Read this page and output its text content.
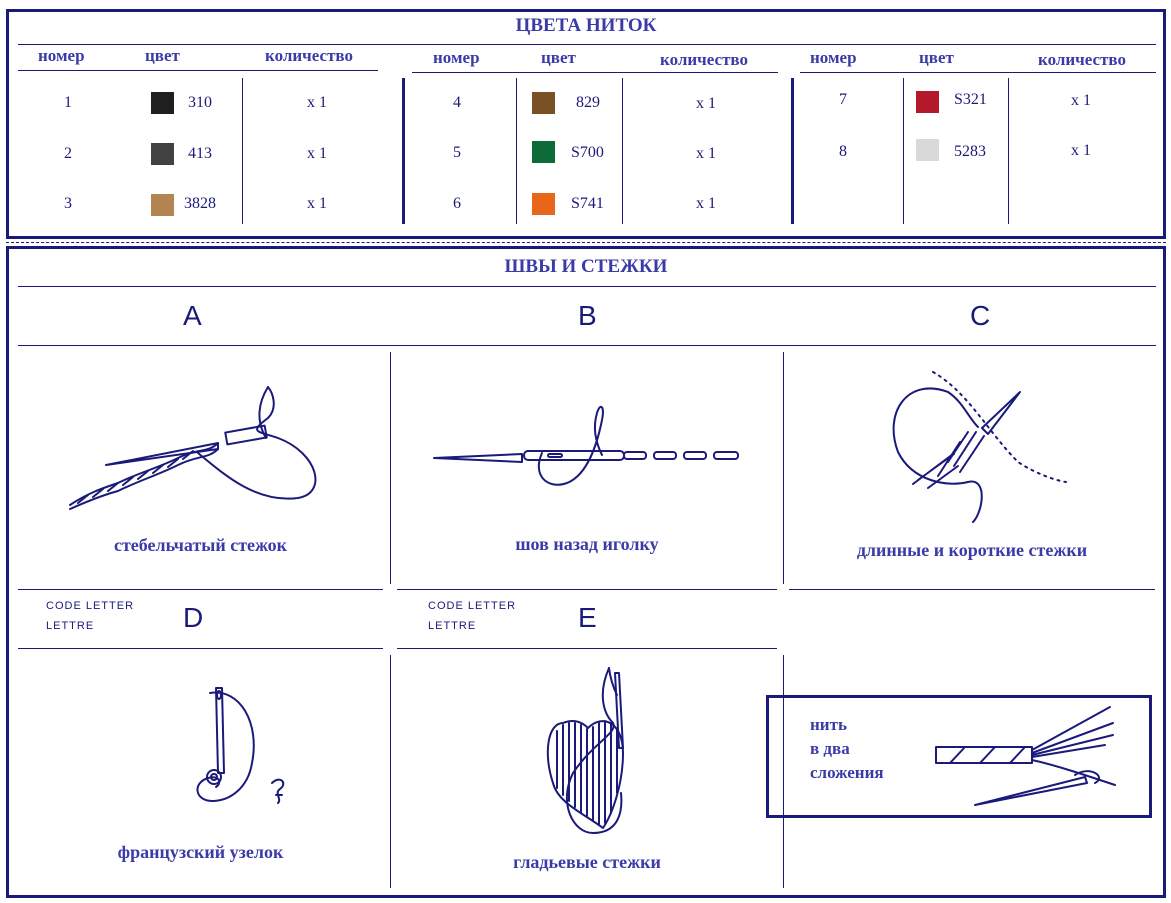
ЦВЕТА НИТОК
номер	цвет	количество	номер	цвет	количество	номер	цвет	количество
1	310	x 1
2	413	x 1
3	3828	x 1
4	829	x 1
5	S700	x 1
6	S741	x 1
7	S321	x 1
8	5283	x 1
ШВЫ И СТЕЖКИ
A	B	C
стебельчатый стежок	шов назад иголку	длинные и короткие стежки
CODE LETTER
LETTRE	D	CODE LETTER
LETTRE	E
французский узелок	гладьевые стежки
нить
в два
сложения
